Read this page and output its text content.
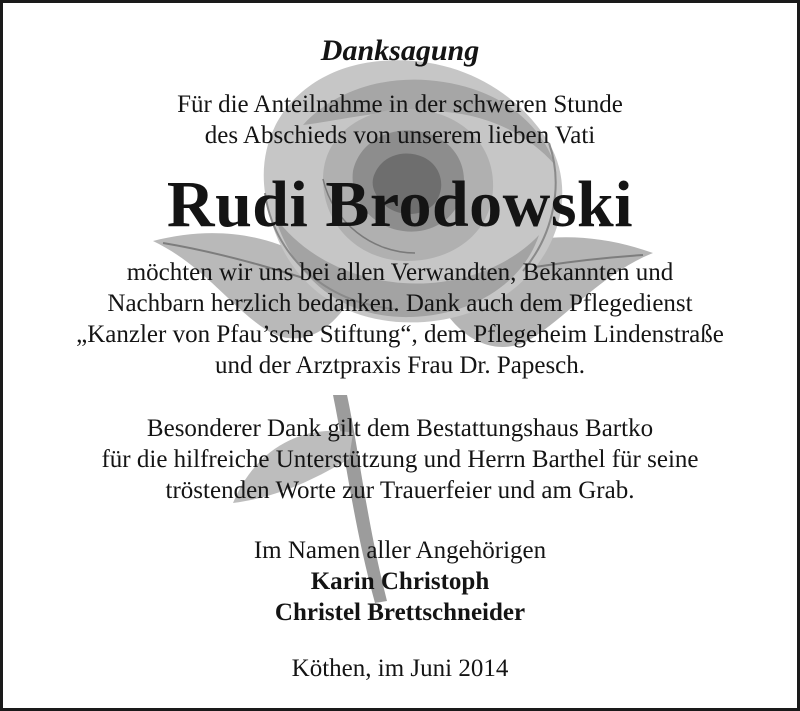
Danksagung
Für die Anteilnahme in der schweren Stunde
des Abschieds von unserem lieben Vati
Rudi Brodowski
möchten wir uns bei allen Verwandten, Bekannten und
Nachbarn herzlich bedanken. Dank auch dem Pflegedienst
„Kanzler von Pfau’sche Stiftung“, dem Pflegeheim Lindenstraße
und der Arztpraxis Frau Dr. Papesch.
Besonderer Dank gilt dem Bestattungshaus Bartko
für die hilfreiche Unterstützung und Herrn Barthel für seine
tröstenden Worte zur Trauerfeier und am Grab.
Im Namen aller Angehörigen
Karin Christoph
Christel Brettschneider
Köthen, im Juni 2014
